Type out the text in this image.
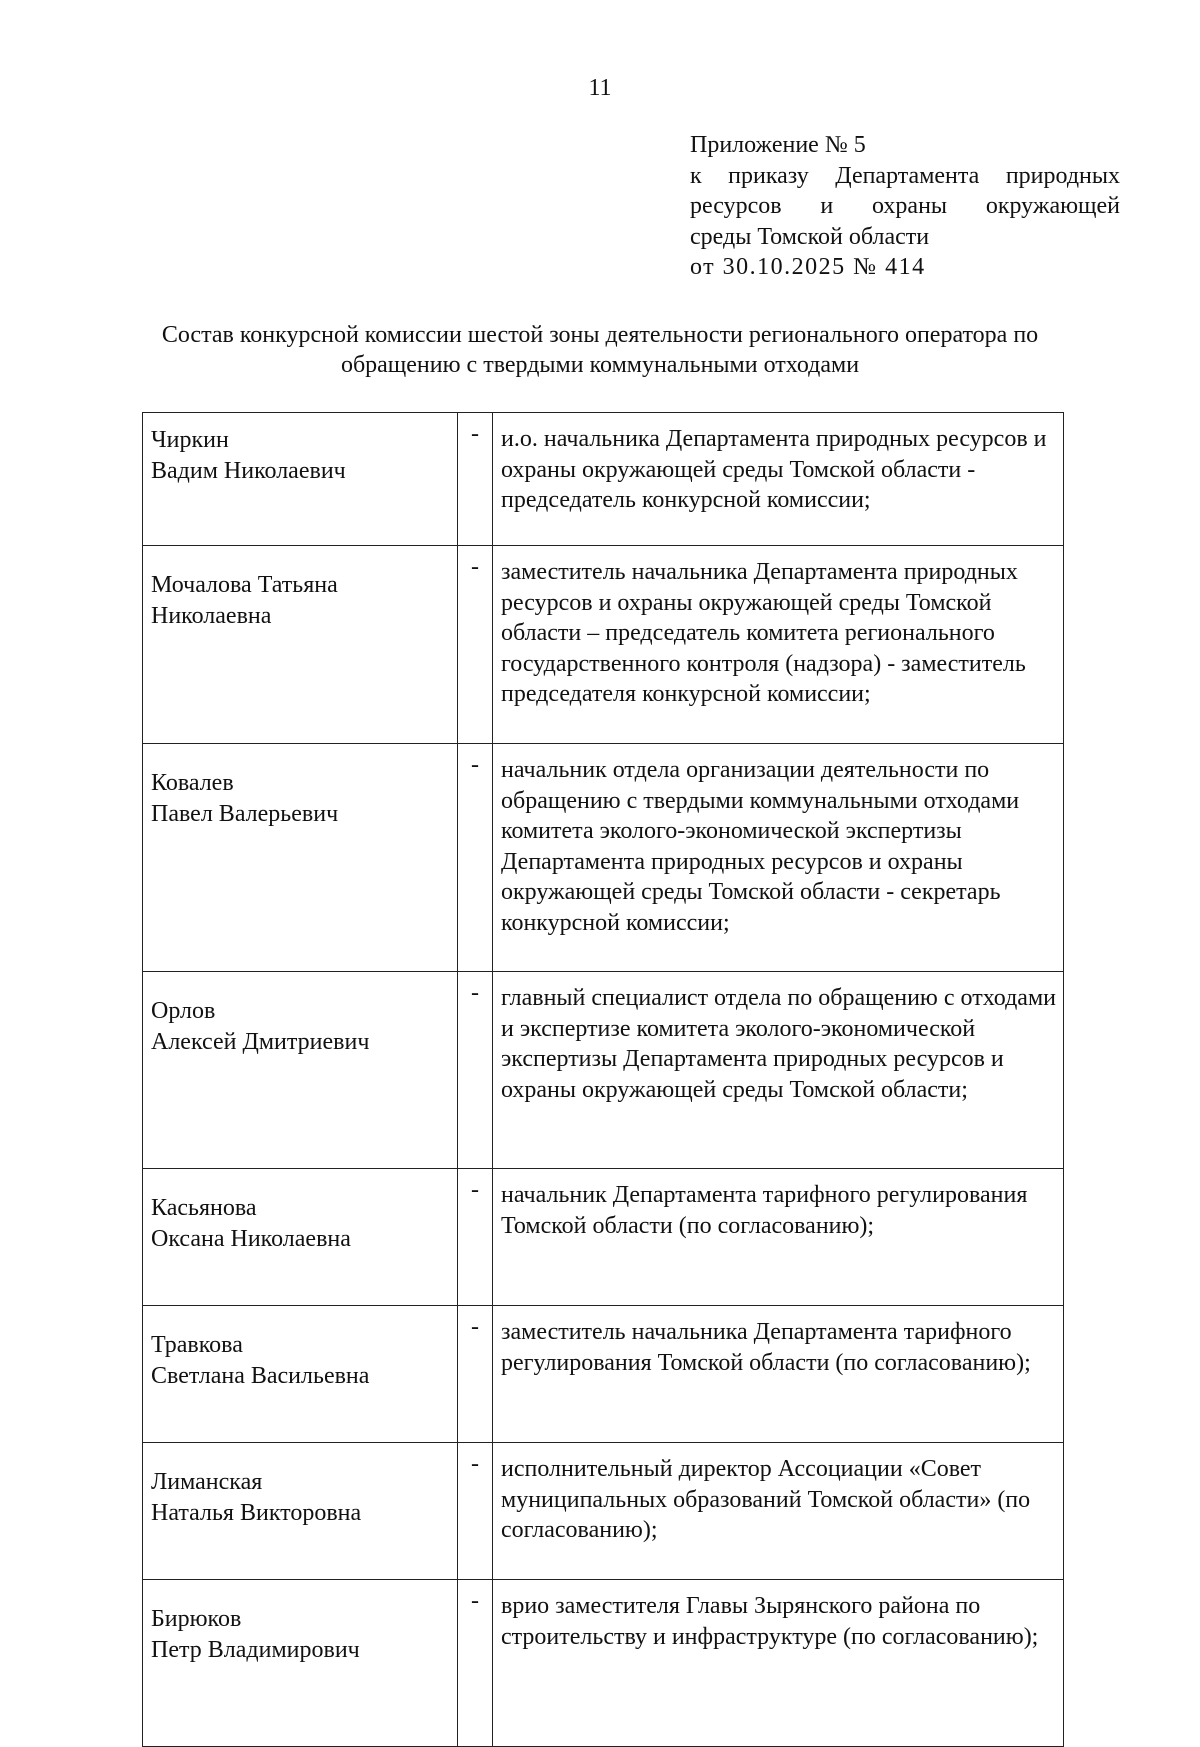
11
Приложение № 5
к приказу Департамента природных
ресурсов и охраны окружающей
среды Томской области
от 30.10.2025 № 414
Состав конкурсной комиссии шестой зоны деятельности регионального оператора по
обращению с твердыми коммунальными отходами
Чиркин
Вадим Николаевич	-	и.о. начальника Департамента природных ресурсов и охраны окружающей среды Томской области - председатель конкурсной комиссии;

Мочалова Татьяна
Николаевна	-	заместитель начальника Департамента природных ресурсов и охраны окружающей среды Томской области – председатель комитета регионального государственного контроля (надзора) - заместитель председателя конкурсной комиссии;

Ковалев
Павел Валерьевич	-	начальник отдела организации деятельности по обращению с твердыми коммунальными отходами комитета эколого-экономической экспертизы Департамента природных ресурсов и охраны окружающей среды Томской области - секретарь конкурсной комиссии;

Орлов
Алексей Дмитриевич	-	главный специалист отдела по обращению с отходами и экспертизе комитета эколого-экономической экспертизы Департамента природных ресурсов и охраны окружающей среды Томской области;

Касьянова
Оксана Николаевна	-	начальник Департамента тарифного регулирования Томской области (по согласованию);

Травкова
Светлана Васильевна	-	заместитель начальника Департамента тарифного регулирования Томской области (по согласованию);

Лиманская
Наталья Викторовна	-	исполнительный директор Ассоциации «Совет муниципальных образований Томской области» (по согласованию);

Бирюков
Петр Владимирович	-	врио заместителя Главы Зырянского района по строительству и инфраструктуре (по согласованию);
